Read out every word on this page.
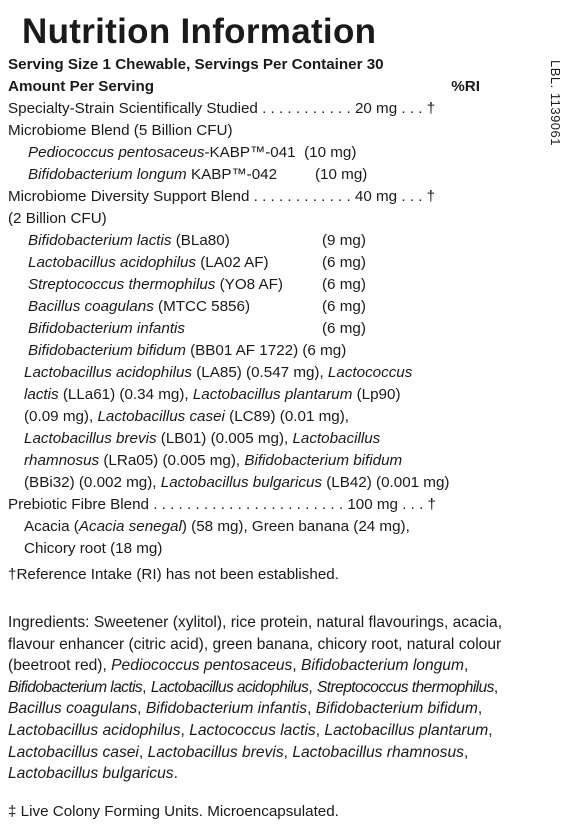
Nutrition Information
LBL. 1139061
Serving Size 1 Chewable, Servings Per Container 30
Amount Per Serving	%RI
Specialty-Strain Scientifically Studied . . . . . . . . . . . 20 mg . . . †
Microbiome Blend (5 Billion CFU)
Pediococcus pentosaceus-KABP™-041 (10 mg)
Bifidobacterium longum KABP™-042 (10 mg)
Microbiome Diversity Support Blend . . . . . . . . . . . . 40 mg . . . †
(2 Billion CFU)
Bifidobacterium lactis (BLa80)	(9 mg)
Lactobacillus acidophilus (LA02 AF)	(6 mg)
Streptococcus thermophilus (YO8 AF)	(6 mg)
Bacillus coagulans (MTCC 5856)	(6 mg)
Bifidobacterium infantis	(6 mg)
Bifidobacterium bifidum (BB01 AF 1722) (6 mg)
Lactobacillus acidophilus (LA85) (0.547 mg), Lactococcus
lactis (LLa61) (0.34 mg), Lactobacillus plantarum (Lp90)
(0.09 mg), Lactobacillus casei (LC89) (0.01 mg),
Lactobacillus brevis (LB01) (0.005 mg), Lactobacillus
rhamnosus (LRa05) (0.005 mg), Bifidobacterium bifidum
(BBi32) (0.002 mg), Lactobacillus bulgaricus (LB42) (0.001 mg)
Prebiotic Fibre Blend . . . . . . . . . . . . . . . . . . . . . . . 100 mg . . . †
Acacia (Acacia senegal) (58 mg), Green banana (24 mg),
Chicory root (18 mg)
†Reference Intake (RI) has not been established.
Ingredients: Sweetener (xylitol), rice protein, natural flavourings, acacia, flavour enhancer (citric acid), green banana, chicory root, natural colour (beetroot red), Pediococcus pentosaceus, Bifidobacterium longum, Bifidobacterium lactis, Lactobacillus acidophilus, Streptococcus thermophilus, Bacillus coagulans, Bifidobacterium infantis, Bifidobacterium bifidum, Lactobacillus acidophilus, Lactococcus lactis, Lactobacillus plantarum, Lactobacillus casei, Lactobacillus brevis, Lactobacillus rhamnosus, Lactobacillus bulgaricus.
‡ Live Colony Forming Units. Microencapsulated.
